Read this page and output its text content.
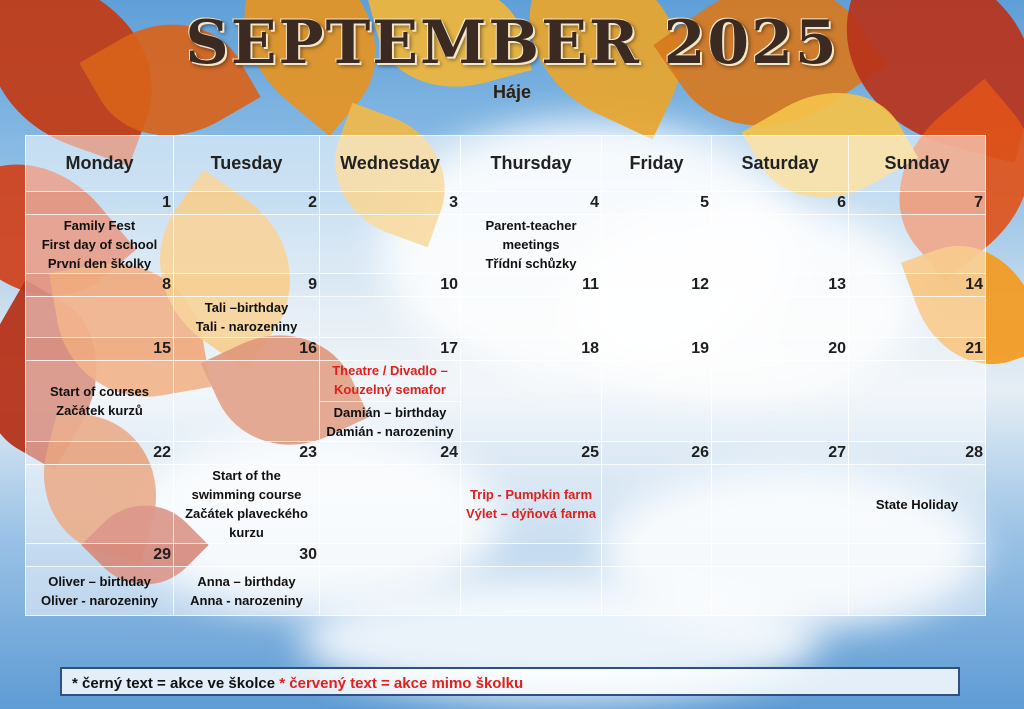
SEPTEMBER 2025
Háje
Monday	Tuesday	Wednesday	Thursday	Friday	Saturday	Sunday
1	2	3	4	5	6	7

Family Fest
First day of school
První den školky			Parent-teacher
meetings
Třídní schůzky			

8	9	10	11	12	13	14

	Tali –birthday
Tali - narozeniny					

15	16	17	18	19	20	21

Start of courses
Začátek kurzů		Theatre / Divadlo –
Kouzelný semafor
Damián – birthday
Damián - narozeniny				

22	23	24	25	26	27	28

	Start of the
swimming course
Začátek plaveckého
kurzu		Trip - Pumpkin farm
Výlet – dýňová farma			State Holiday

29	30					

Oliver – birthday
Oliver - narozeniny	Anna – birthday
Anna - narozeniny					

* černý text = akce ve školce * červený text = akce mimo školku
